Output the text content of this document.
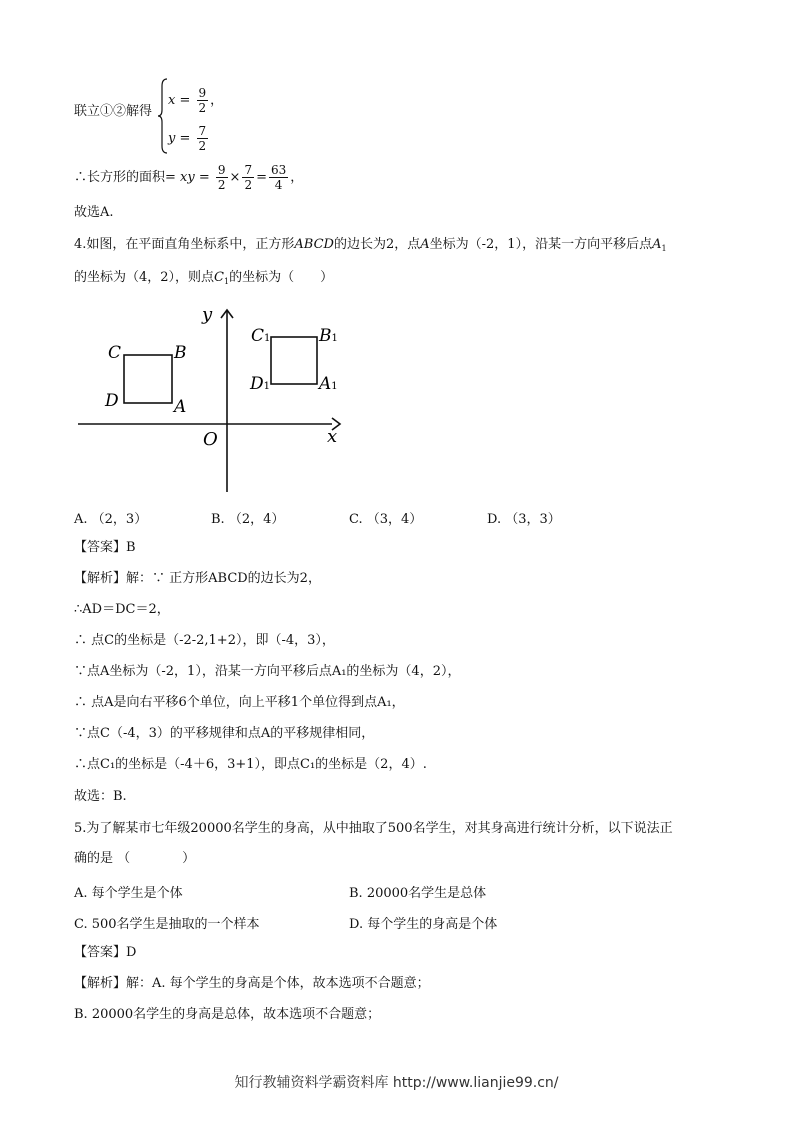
联立①②解得
$x = \frac{9}{2}$ ，
$y = \frac{7}{2}$
∴长方形的面积= xy = $\frac{9}{2} \times \frac{7}{2} = \frac{63}{4}$ ，
故选A.
4.如图，在平面直角坐标系中，正方形ABCD的边长为2，点A坐标为（-2，1），沿某一方向平移后点$A_1$
的坐标为（4，2），则点$C_1$的坐标为（　　）
y
x
O
C	B
D	A
C1	B1
D1	A1
A. （2，3）	B. （2，4）	C. （3，4）	D. （3，3）
【答案】B
【解析】解：∵ 正方形ABCD的边长为2，
∴AD＝DC＝2，
∴ 点C的坐标是（-2-2,1+2），即（-4，3），
∵点A坐标为（-2，1），沿某一方向平移后点A₁的坐标为（4，2），
∴ 点A是向右平移6个单位，向上平移1个单位得到点A₁，
∵点C（-4，3）的平移规律和点A的平移规律相同，
∴点C₁的坐标是（-4＋6，3+1），即点C₁的坐标是（2，4）.
故选：B.
5.为了解某市七年级20000名学生的身高，从中抽取了500名学生，对其身高进行统计分析，以下说法正
确的是 （　　　　）
A. 每个学生是个体	B. 20000名学生是总体
C. 500名学生是抽取的一个样本	D. 每个学生的身高是个体
【答案】D
【解析】解：A. 每个学生的身高是个体，故本选项不合题意；
B. 20000名学生的身高是总体，故本选项不合题意；
知行教辅资料学霸资料库 http://www.lianjie99.cn/
